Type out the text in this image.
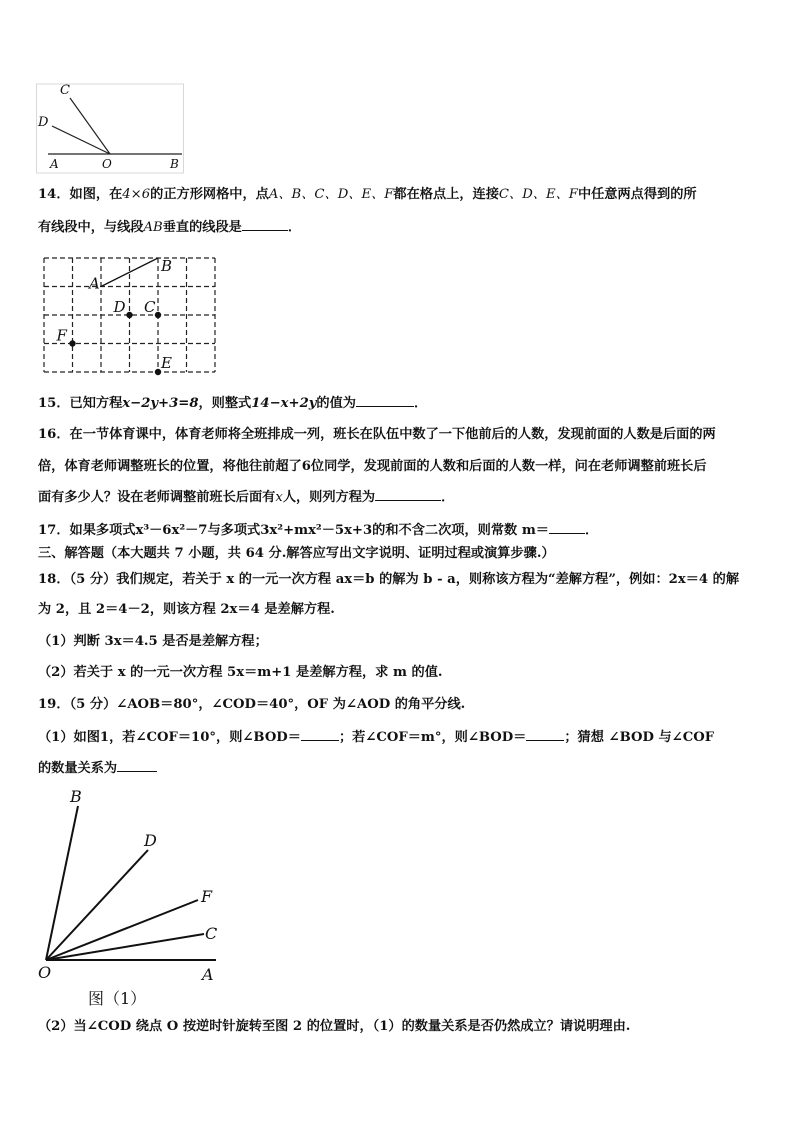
C
D
A	O	B
14．如图，在4×6的正方形网格中，点A、B、C、D、E、F都在格点上，连接C、D、E、F中任意两点得到的所
有线段中，与线段AB垂直的线段是	．
A
B
D C
F
E
15．已知方程x−2y+3=8，则整式14−x+2y的值为	．
16．在一节体育课中，体育老师将全班排成一列，班长在队伍中数了一下他前后的人数，发现前面的人数是后面的两
倍，体育老师调整班长的位置，将他往前超了6位同学，发现前面的人数和后面的人数一样，问在老师调整前班长后
面有多少人？设在老师调整前班长后面有x人，则列方程为	．
17．如果多项式x³－6x²－7与多项式3x²+mx²－5x+3的和不含二次项，则常数 m＝	．
三、解答题（本大题共 7 小题，共 64 分.解答应写出文字说明、证明过程或演算步骤.）
18．（5 分）我们规定，若关于 x 的一元一次方程 ax＝b 的解为 b - a，则称该方程为“差解方程”，例如：2x＝4 的解
为 2，且 2＝4－2，则该方程 2x＝4 是差解方程.
（1）判断 3x＝4.5 是否是差解方程；
（2）若关于 x 的一元一次方程 5x＝m+1 是差解方程，求 m 的值.
19．（5 分）∠AOB＝80°，∠COD＝40°，OF 为∠AOD 的角平分线.
（1）如图1，若∠COF＝10°，则∠BOD＝	；若∠COF＝m°，则∠BOD＝	；猜想 ∠BOD 与∠COF
的数量关系为
B
D
F
C
O	A
图（1）
（2）当∠COD 绕点 O 按逆时针旋转至图 2 的位置时，（1）的数量关系是否仍然成立？请说明理由.
